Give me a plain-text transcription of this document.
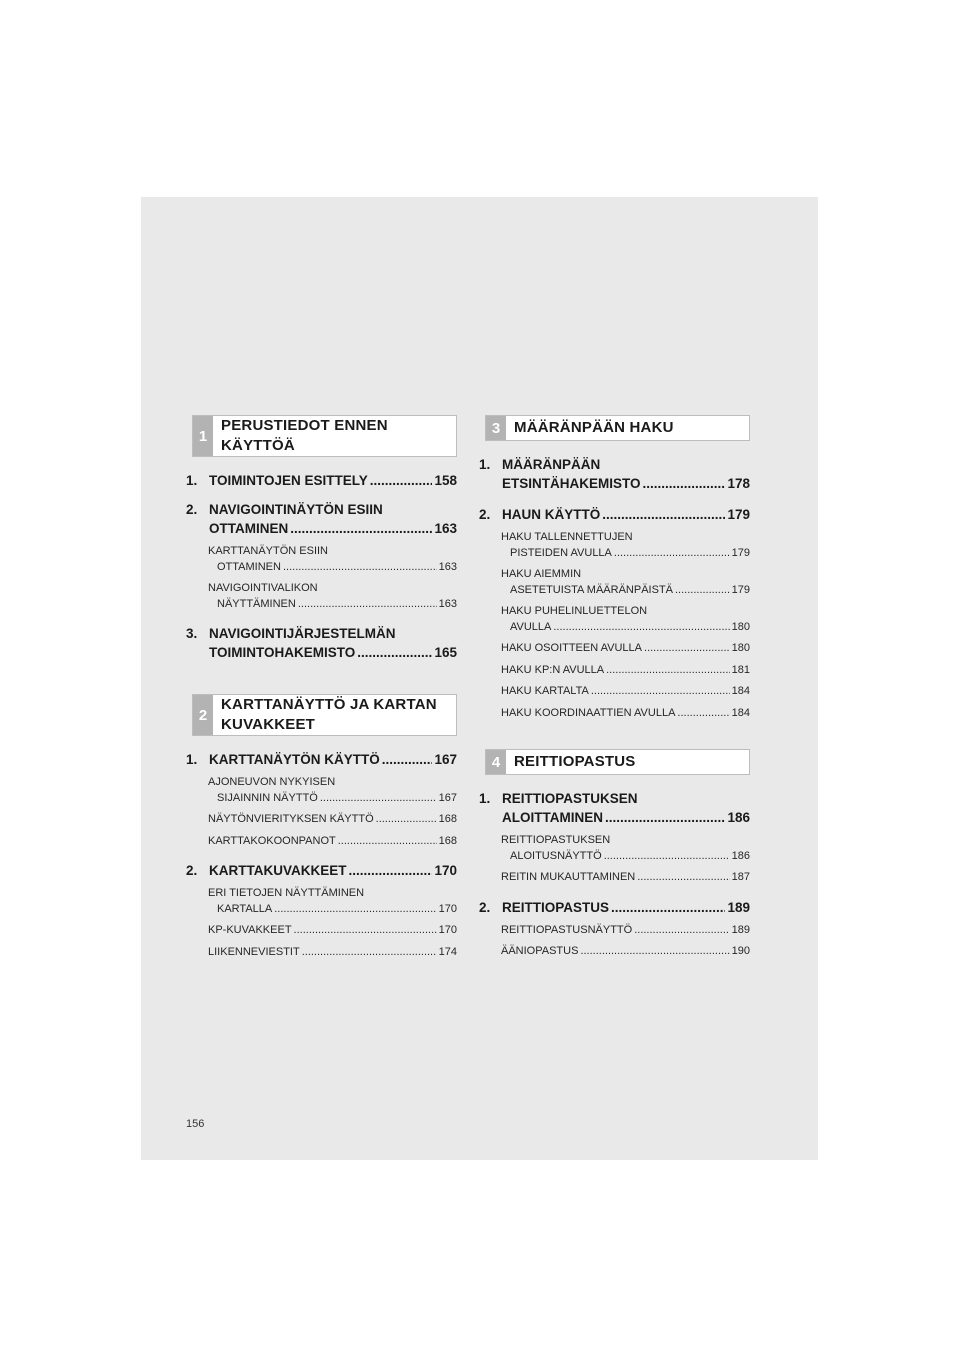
1
PERUSTIEDOT ENNEN
KÄYTTÖÄ
1. TOIMINTOJEN ESITTELY .....	158
2. NAVIGOINTINÄYTÖN ESIIN
OTTAMINEN .....	163
KARTTANÄYTÖN ESIIN
OTTAMINEN .....	163
NAVIGOINTIVALIKON
NÄYTTÄMINEN .....	163
3. NAVIGOINTIJÄRJESTELMÄN
TOIMINTOHAKEMISTO .....	165
2
KARTTANÄYTTÖ JA KARTAN
KUVAKKEET
1. KARTTANÄYTÖN KÄYTTÖ .....	167
AJONEUVON NYKYISEN
SIJAINNIN NÄYTTÖ .....	167
NÄYTÖNVIERITYKSEN KÄYTTÖ .....	168
KARTTAKOKOONPANOT .....	168
2. KARTTAKUVAKKEET .....	170
ERI TIETOJEN NÄYTTÄMINEN
KARTALLA .....	170
KP-KUVAKKEET .....	170
LIIKENNEVIESTIT .....	174
3 MÄÄRÄNPÄÄN HAKU
1. MÄÄRÄNPÄÄN
ETSINTÄHAKEMISTO .....	178
2. HAUN KÄYTTÖ .....	179
HAKU TALLENNETTUJEN
PISTEIDEN AVULLA .....	179
HAKU AIEMMIN
ASETETUISTA MÄÄRÄNPÄISTÄ .....	179
HAKU PUHELINLUETTELON
AVULLA .....	180
HAKU OSOITTEEN AVULLA .....	180
HAKU KP:N AVULLA .....	181
HAKU KARTALTA .....	184
HAKU KOORDINAATTIEN AVULLA .....	184
4 REITTIOPASTUS
1. REITTIOPASTUKSEN
ALOITTAMINEN .....	186
REITTIOPASTUKSEN
ALOITUSNÄYTTÖ .....	186
REITIN MUKAUTTAMINEN .....	187
2. REITTIOPASTUS .....	189
REITTIOPASTUSNÄYTTÖ .....	189
ÄÄNIOPASTUS .....	190
156
